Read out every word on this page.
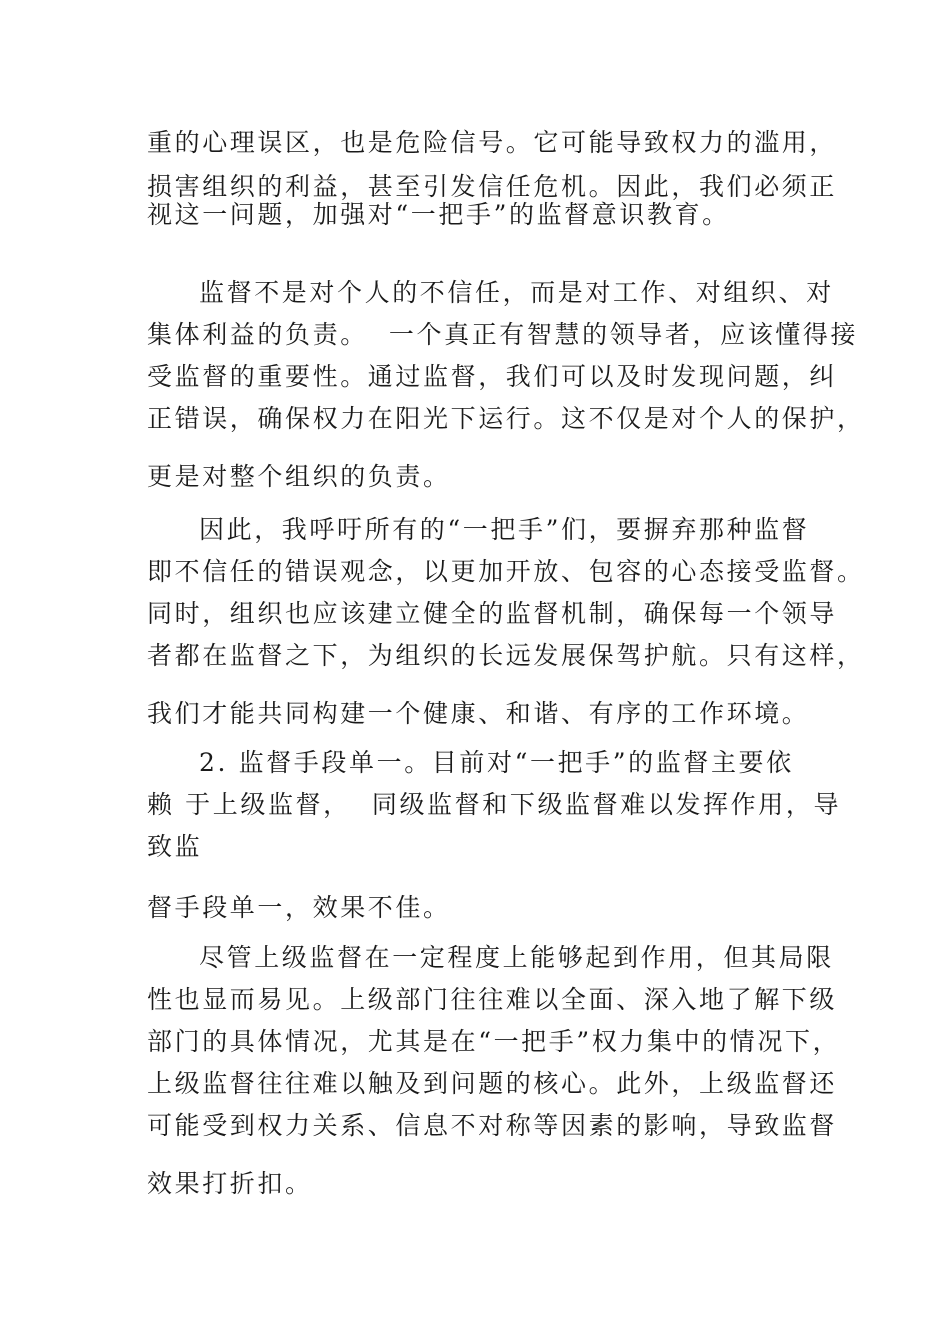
重的心理误区，也是危险信号。它可能导致权力的滥用，
损害组织的利益，甚至引发信任危机。因此，我们必须正
视这一问题，加强对“一把手”的监督意识教育。
监督不是对个人的不信任，而是对工作、对组织、对
集体利益的负责。  一个真正有智慧的领导者，应该懂得接
受监督的重要性。通过监督，我们可以及时发现问题，纠
正错误，确保权力在阳光下运行。这不仅是对个人的保护，
更是对整个组织的负责。
因此，我呼吁所有的“一把手”们，要摒弃那种监督
即不信任的错误观念，以更加开放、包容的心态接受监督。
同时，组织也应该建立健全的监督机制，确保每一个领导
者都在监督之下，为组织的长远发展保驾护航。只有这样，
我们才能共同构建一个健康、和谐、有序的工作环境。
2. 监督手段单一。目前对“一把手”的监督主要依
赖 于上级监督，  同级监督和下级监督难以发挥作用，导
致监
督手段单一，效果不佳。
尽管上级监督在一定程度上能够起到作用，但其局限
性也显而易见。上级部门往往难以全面、深入地了解下级
部门的具体情况，尤其是在“一把手”权力集中的情况下，
上级监督往往难以触及到问题的核心。此外，上级监督还
可能受到权力关系、信息不对称等因素的影响，导致监督
效果打折扣。
